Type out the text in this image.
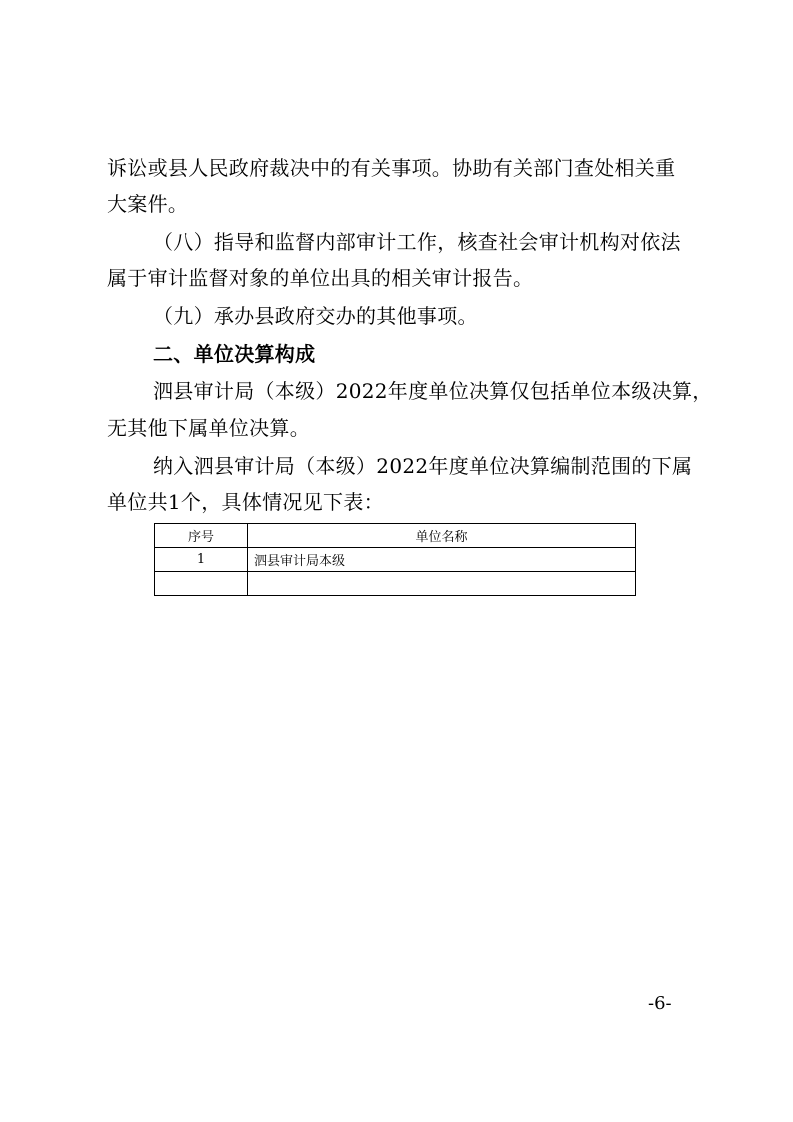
诉讼或县人民政府裁决中的有关事项。协助有关部门查处相关重
大案件。
（八）指导和监督内部审计工作，核查社会审计机构对依法
属于审计监督对象的单位出具的相关审计报告。
（九）承办县政府交办的其他事项。
二、单位决算构成
泗县审计局（本级）2022年度单位决算仅包括单位本级决算，
无其他下属单位决算。
纳入泗县审计局（本级）2022年度单位决算编制范围的下属
单位共1个，具体情况见下表：
序号	单位名称
1	泗县审计局本级

-6-
